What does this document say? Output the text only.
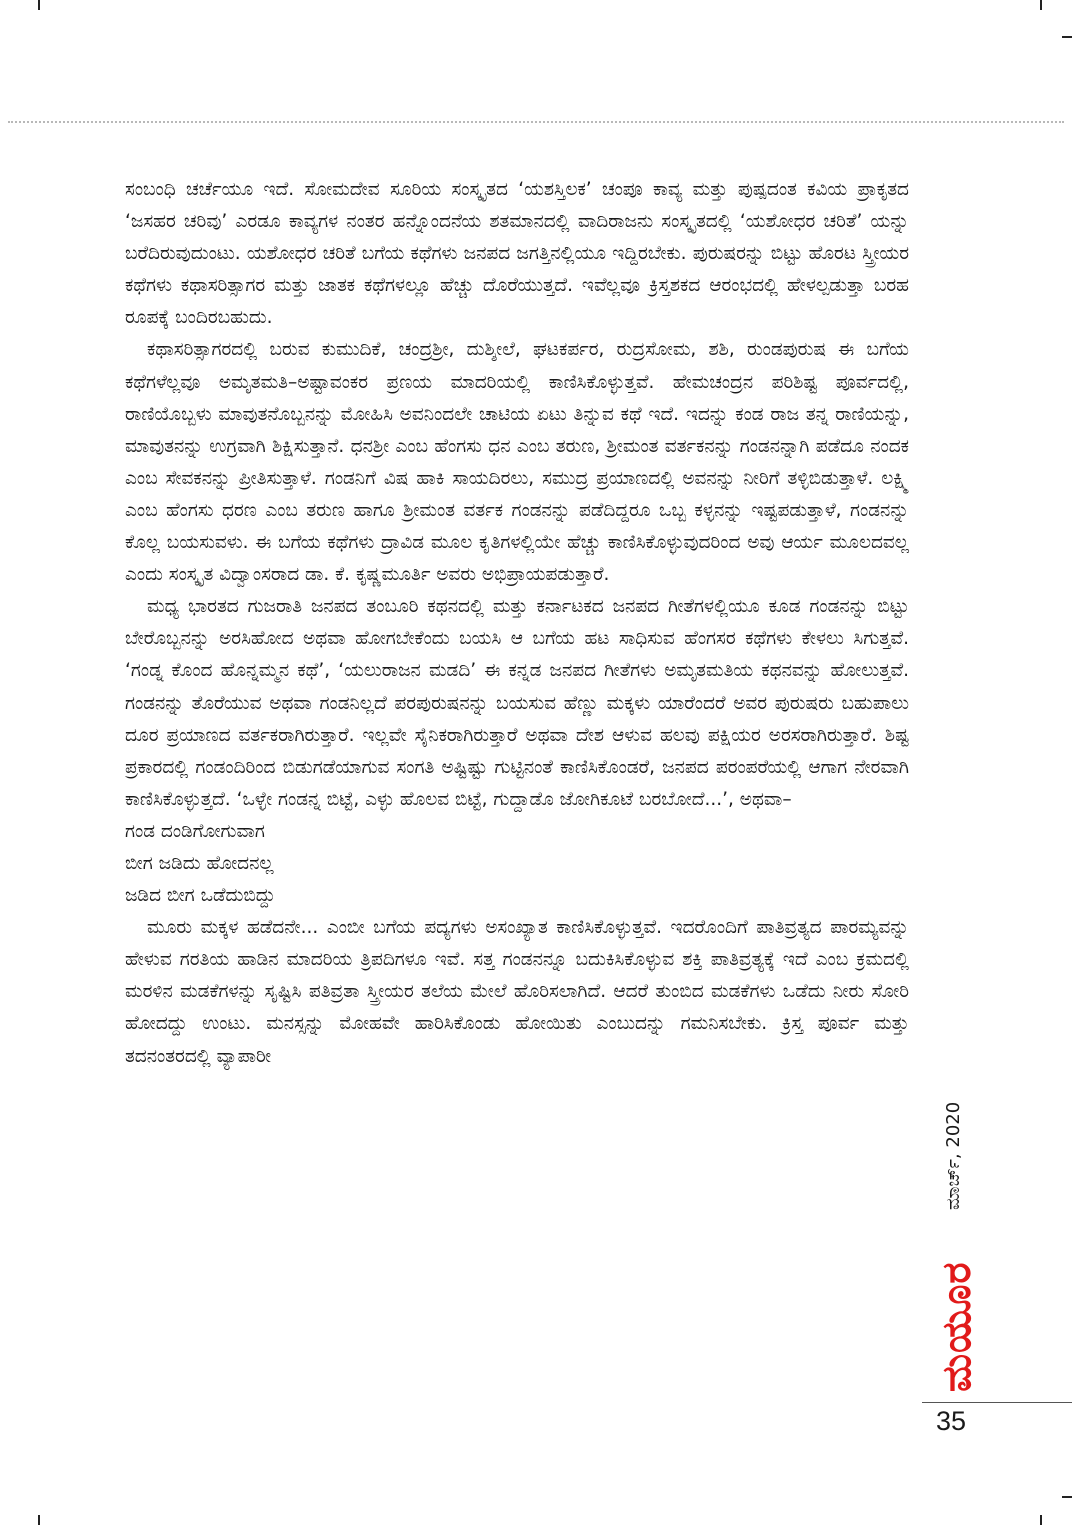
ಸಂಬಂಧಿ ಚರ್ಚೆಯೂ ಇದೆ. ಸೋಮದೇವ ಸೂರಿಯ ಸಂಸ್ಕೃತದ ‘ಯಶಸ್ತಿಲಕ’ ಚಂಪೂ ಕಾವ್ಯ ಮತ್ತು ಪುಷ್ಪದಂತ ಕವಿಯ ಪ್ರಾಕೃತದ ‘ಜಸಹರ ಚರಿವು’ ಎರಡೂ ಕಾವ್ಯಗಳ ನಂತರ ಹನ್ನೊಂದನೆಯ ಶತಮಾನದಲ್ಲಿ ವಾದಿರಾಜನು ಸಂಸ್ಕೃತದಲ್ಲಿ ‘ಯಶೋಧರ ಚರಿತೆ’ ಯನ್ನು ಬರೆದಿರುವುದುಂಟು. ಯಶೋಧರ ಚರಿತೆ ಬಗೆಯ ಕಥೆಗಳು ಜನಪದ ಜಗತ್ತಿನಲ್ಲಿಯೂ ಇದ್ದಿರಬೇಕು. ಪುರುಷರನ್ನು ಬಿಟ್ಟು ಹೊರಟ ಸ್ತ್ರೀಯರ ಕಥೆಗಳು ಕಥಾಸರಿತ್ಸಾಗರ ಮತ್ತು ಜಾತಕ ಕಥೆಗಳಲ್ಲೂ ಹೆಚ್ಚು ದೊರೆಯುತ್ತದೆ. ಇವೆಲ್ಲವೂ ಕ್ರಿಸ್ತಶಕದ ಆರಂಭದಲ್ಲಿ ಹೇಳಲ್ಪಡುತ್ತಾ ಬರಹ ರೂಪಕ್ಕೆ ಬಂದಿರಬಹುದು.

ಕಥಾಸರಿತ್ಸಾಗರದಲ್ಲಿ ಬರುವ ಕುಮುದಿಕೆ, ಚಂದ್ರಶ್ರೀ, ದುಶ್ಶೀಲೆ, ಘಟಕರ್ಪರ, ರುದ್ರಸೋಮ, ಶಶಿ, ರುಂಡಪುರುಷ ಈ ಬಗೆಯ ಕಥೆಗಳೆಲ್ಲವೂ ಅಮೃತಮತಿ–ಅಷ್ಟಾವಂಕರ ಪ್ರಣಯ ಮಾದರಿಯಲ್ಲಿ ಕಾಣಿಸಿಕೊಳ್ಳುತ್ತವೆ. ಹೇಮಚಂದ್ರನ ಪರಿಶಿಷ್ಟ ಪೂರ್ವದಲ್ಲಿ, ರಾಣಿಯೊಬ್ಬಳು ಮಾವುತನೊಬ್ಬನನ್ನು ಮೋಹಿಸಿ ಅವನಿಂದಲೇ ಚಾಟಿಯ ಏಟು ತಿನ್ನುವ ಕಥೆ ಇದೆ. ಇದನ್ನು ಕಂಡ ರಾಜ ತನ್ನ ರಾಣಿಯನ್ನು, ಮಾವುತನನ್ನು ಉಗ್ರವಾಗಿ ಶಿಕ್ಷಿಸುತ್ತಾನೆ. ಧನಶ್ರೀ ಎಂಬ ಹೆಂಗಸು ಧನ ಎಂಬ ತರುಣ, ಶ್ರೀಮಂತ ವರ್ತಕನನ್ನು ಗಂಡನನ್ನಾಗಿ ಪಡೆದೂ ನಂದಕ ಎಂಬ ಸೇವಕನನ್ನು ಪ್ರೀತಿಸುತ್ತಾಳೆ. ಗಂಡನಿಗೆ ವಿಷ ಹಾಕಿ ಸಾಯದಿರಲು, ಸಮುದ್ರ ಪ್ರಯಾಣದಲ್ಲಿ ಅವನನ್ನು ನೀರಿಗೆ ತಳ್ಳಿಬಿಡುತ್ತಾಳೆ. ಲಕ್ಷ್ಮಿ ಎಂಬ ಹೆಂಗಸು ಧರಣ ಎಂಬ ತರುಣ ಹಾಗೂ ಶ್ರೀಮಂತ ವರ್ತಕ ಗಂಡನನ್ನು ಪಡೆದಿದ್ದರೂ ಒಬ್ಬ ಕಳ್ಳನನ್ನು ಇಷ್ಟಪಡುತ್ತಾಳೆ, ಗಂಡನನ್ನು ಕೊಲ್ಲ ಬಯಸುವಳು. ಈ ಬಗೆಯ ಕಥೆಗಳು ದ್ರಾವಿಡ ಮೂಲ ಕೃತಿಗಳಲ್ಲಿಯೇ ಹೆಚ್ಚು ಕಾಣಿಸಿಕೊಳ್ಳುವುದರಿಂದ ಅವು ಆರ್ಯ ಮೂಲದವಲ್ಲ ಎಂದು ಸಂಸ್ಕೃತ ವಿದ್ವಾಂಸರಾದ ಡಾ. ಕೆ. ಕೃಷ್ಣಮೂರ್ತಿ ಅವರು ಅಭಿಪ್ರಾಯಪಡುತ್ತಾರೆ.

ಮಧ್ಯ ಭಾರತದ ಗುಜರಾತಿ ಜನಪದ ತಂಬೂರಿ ಕಥನದಲ್ಲಿ ಮತ್ತು ಕರ್ನಾಟಕದ ಜನಪದ ಗೀತೆಗಳಲ್ಲಿಯೂ ಕೂಡ ಗಂಡನನ್ನು ಬಿಟ್ಟು ಬೇರೊಬ್ಬನನ್ನು ಅರಸಿಹೋದ ಅಥವಾ ಹೋಗಬೇಕೆಂದು ಬಯಸಿ ಆ ಬಗೆಯ ಹಟ ಸಾಧಿಸುವ ಹೆಂಗಸರ ಕಥೆಗಳು ಕೇಳಲು ಸಿಗುತ್ತವೆ. ‘ಗಂಡ್ನ ಕೊಂದ ಹೊನ್ನಮ್ಮನ ಕಥೆ’, ‘ಯಲುರಾಜನ ಮಡದಿ’ ಈ ಕನ್ನಡ ಜನಪದ ಗೀತೆಗಳು ಅಮೃತಮತಿಯ ಕಥನವನ್ನು ಹೋಲುತ್ತವೆ. ಗಂಡನನ್ನು ತೊರೆಯುವ ಅಥವಾ ಗಂಡನಿಲ್ಲದೆ ಪರಪುರುಷನನ್ನು ಬಯಸುವ ಹೆಣ್ಣು ಮಕ್ಕಳು ಯಾರೆಂದರೆ ಅವರ ಪುರುಷರು ಬಹುಪಾಲು ದೂರ ಪ್ರಯಾಣದ ವರ್ತಕರಾಗಿರುತ್ತಾರೆ. ಇಲ್ಲವೇ ಸೈನಿಕರಾಗಿರುತ್ತಾರೆ ಅಥವಾ ದೇಶ ಆಳುವ ಹಲವು ಪಕ್ಷಿಯರ ಅರಸರಾಗಿರುತ್ತಾರೆ. ಶಿಷ್ಟ ಪ್ರಕಾರದಲ್ಲಿ ಗಂಡಂದಿರಿಂದ ಬಿಡುಗಡೆಯಾಗುವ ಸಂಗತಿ ಅಷ್ಟಿಷ್ಟು ಗುಟ್ಟಿನಂತೆ ಕಾಣಿಸಿಕೊಂಡರೆ, ಜನಪದ ಪರಂಪರೆಯಲ್ಲಿ ಆಗಾಗ ನೇರವಾಗಿ ಕಾಣಿಸಿಕೊಳ್ಳುತ್ತದೆ. ‘ಒಳ್ಳೇ ಗಂಡನ್ನ ಬಿಟ್ಟೆ, ಎಳ್ಳು ಹೊಲವ ಬಿಟ್ಟೆ, ಗುದ್ದಾಡೊ ಜೋಗಿಕೂಟೆ ಬರಬೋದೆ...’, ಅಥವಾ–

ಗಂಡ ದಂಡಿಗೋಗುವಾಗ

ಬೀಗ ಜಡಿದು ಹೋದನಲ್ಲ

ಜಡಿದ ಬೀಗ ಒಡೆದುಬಿದ್ದು

ಮೂರು ಮಕ್ಕಳ ಹಡೆದನೇ... ಎಂಬೀ ಬಗೆಯ ಪದ್ಯಗಳು ಅಸಂಖ್ಯಾತ ಕಾಣಿಸಿಕೊಳ್ಳುತ್ತವೆ. ಇದರೊಂದಿಗೆ ಪಾತಿವ್ರತ್ಯದ ಪಾರಮ್ಯವನ್ನು ಹೇಳುವ ಗರತಿಯ ಹಾಡಿನ ಮಾದರಿಯ ತ್ರಿಪದಿಗಳೂ ಇವೆ. ಸತ್ತ ಗಂಡನನ್ನೂ ಬದುಕಿಸಿಕೊಳ್ಳುವ ಶಕ್ತಿ ಪಾತಿವ್ರತ್ಯಕ್ಕೆ ಇದೆ ಎಂಬ ಕ್ರಮದಲ್ಲಿ ಮರಳಿನ ಮಡಕೆಗಳನ್ನು ಸೃಷ್ಟಿಸಿ ಪತಿವ್ರತಾ ಸ್ತ್ರೀಯರ ತಲೆಯ ಮೇಲೆ ಹೊರಿಸಲಾಗಿದೆ. ಆದರೆ ತುಂಬಿದ ಮಡಕೆಗಳು ಒಡೆದು ನೀರು ಸೋರಿ ಹೋದದ್ದು ಉಂಟು. ಮನಸ್ಸನ್ನು ಮೋಹವೇ ಹಾರಿಸಿಕೊಂಡು ಹೋಯಿತು ಎಂಬುದನ್ನು ಗಮನಿಸಬೇಕು. ಕ್ರಿಸ್ತ ಪೂರ್ವ ಮತ್ತು ತದನಂತರದಲ್ಲಿ ವ್ಯಾಪಾರೀ

ಮಾರ್ಚ್, 2020
ಮಯೂರ
35
